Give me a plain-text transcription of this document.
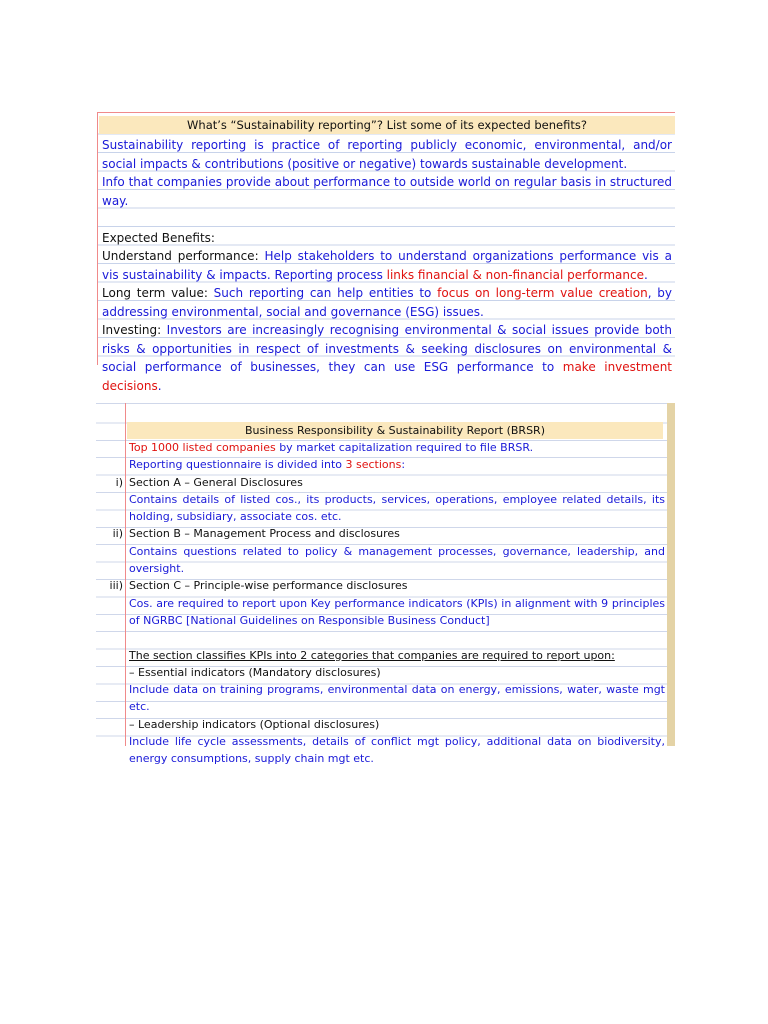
What’s “Sustainability reporting”? List some of its expected benefits?

Sustainability reporting is practice of reporting publicly economic, environmental, and/or social impacts & contributions (positive or negative) towards sustainable development.

Info that companies provide about performance to outside world on regular basis in structured way.

Expected Benefits:

Understand performance: Help stakeholders to understand organizations performance vis a vis sustainability & impacts. Reporting process links financial & non-financial performance.

Long term value: Such reporting can help entities to focus on long-term value creation, by addressing environmental, social and governance (ESG) issues.

Investing: Investors are increasingly recognising environmental & social issues provide both risks & opportunities in respect of investments & seeking disclosures on environmental & social performance of businesses, they can use ESG performance to make investment decisions.

Business Responsibility & Sustainability Report (BRSR)
Top 1000 listed companies by market capitalization required to file BRSR.
Reporting questionnaire is divided into 3 sections:
i) Section A – General Disclosures
Contains details of listed cos., its products, services, operations, employee related details, its holding, subsidiary, associate cos. etc.
ii) Section B – Management Process and disclosures
Contains questions related to policy & management processes, governance, leadership, and oversight.
iii) Section C – Principle-wise performance disclosures
Cos. are required to report upon Key performance indicators (KPIs) in alignment with 9 principles of NGRBC [National Guidelines on Responsible Business Conduct]
The section classifies KPIs into 2 categories that companies are required to report upon:
– Essential indicators (Mandatory disclosures)
Include data on training programs, environmental data on energy, emissions, water, waste mgt etc.
– Leadership indicators (Optional disclosures)
Include life cycle assessments, details of conflict mgt policy, additional data on biodiversity, energy consumptions, supply chain mgt etc.
